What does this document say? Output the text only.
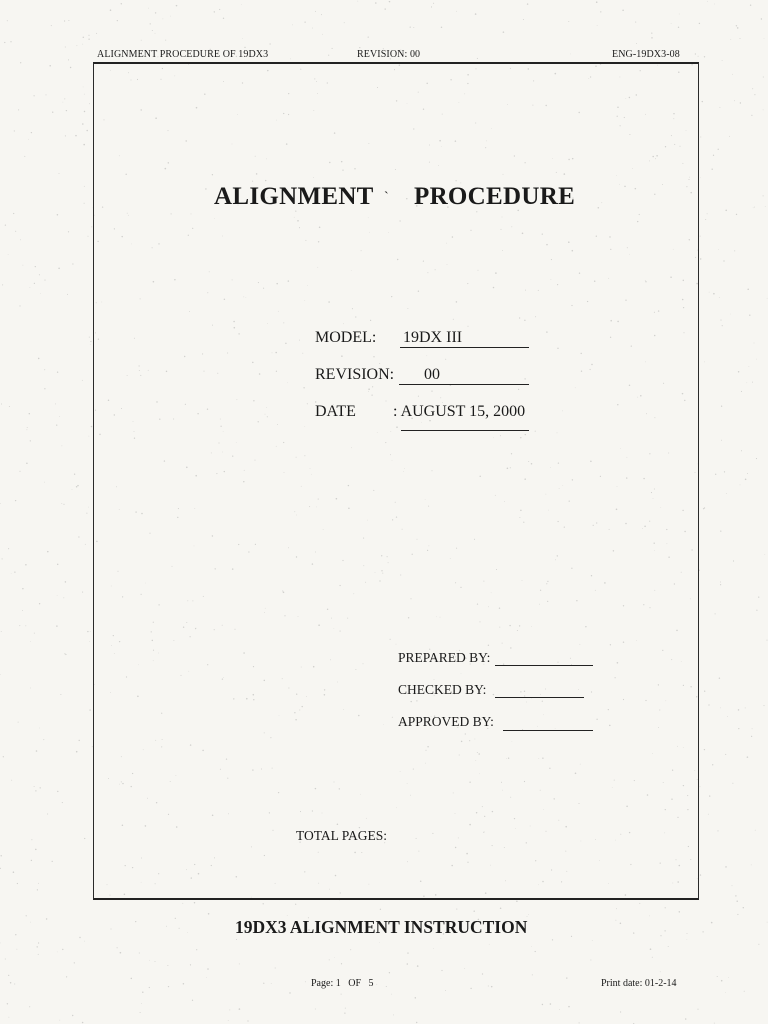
ALIGNMENT PROCEDURE OF 19DX3	REVISION: 00	ENG-19DX3-08
ALIGNMENT ` PROCEDURE
MODEL: 19DX III
REVISION: 00
DATE : AUGUST 15, 2000
PREPARED BY:
CHECKED BY:
APPROVED BY:
TOTAL PAGES:
19DX3 ALIGNMENT INSTRUCTION
Page: 1   OF   5	Print date: 01-2-14
